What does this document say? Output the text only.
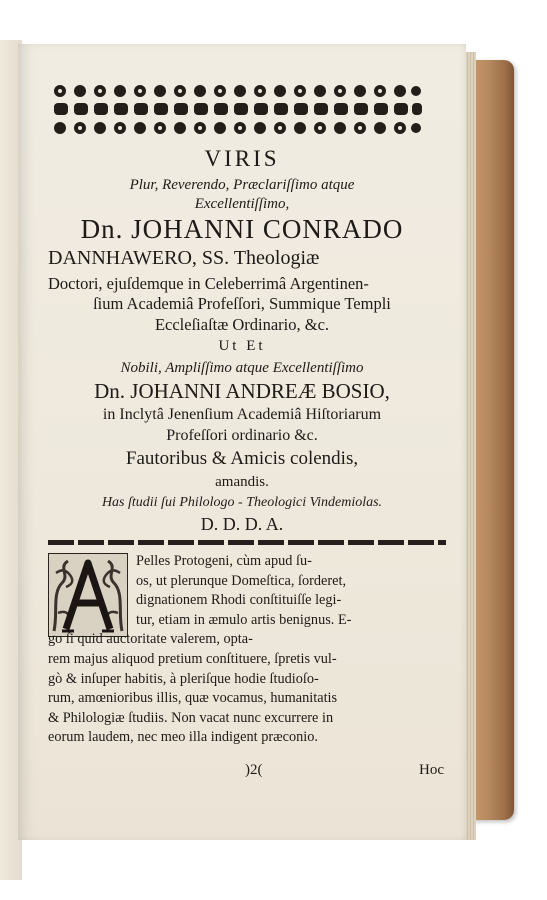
VIRIS
Plur, Reverendo, Præclariſſimo atque
Excellentiſſimo,
Dn. JOHANNI CONRADO
DANNHAWERO, SS. Theologiæ
Doctori, ejuſdemque in Celeberrimâ Argentinen-
ſium Academiâ Profeſſori, Summique Templi
Eccleſiaſtæ Ordinario, &c.
Ut Et
Nobili, Ampliſſimo atque Excellentiſſimo
Dn. JOHANNI ANDREÆ BOSIO,
in Inclytâ Jenenſium Academiâ Hiſtoriarum
Profeſſori ordinario &c.
Fautoribus & Amicis colendis,
amandis.
Has ſtudii ſui Philologo - Theologici Vindemiolas.
D. D. D. A.
Pelles Protogeni, cùm apud ſu-
os, ut plerunque Domeſtica, ſorderet,
dignationem Rhodi conſtituiſſe legi-
tur, etiam in æmulo artis benignus. E-
go ſi quid auctoritate valerem, opta-
rem majus aliquod pretium conſtituere, ſpretis vul-
gò & inſuper habitis, à pleriſque hodie ſtudioſo-
rum, amœnioribus illis, quæ vocamus, humanitatis
& Philologiæ ſtudiis. Non vacat nunc excurrere in
eorum laudem, nec meo illa indigent præconio.
)2(	Hoc
